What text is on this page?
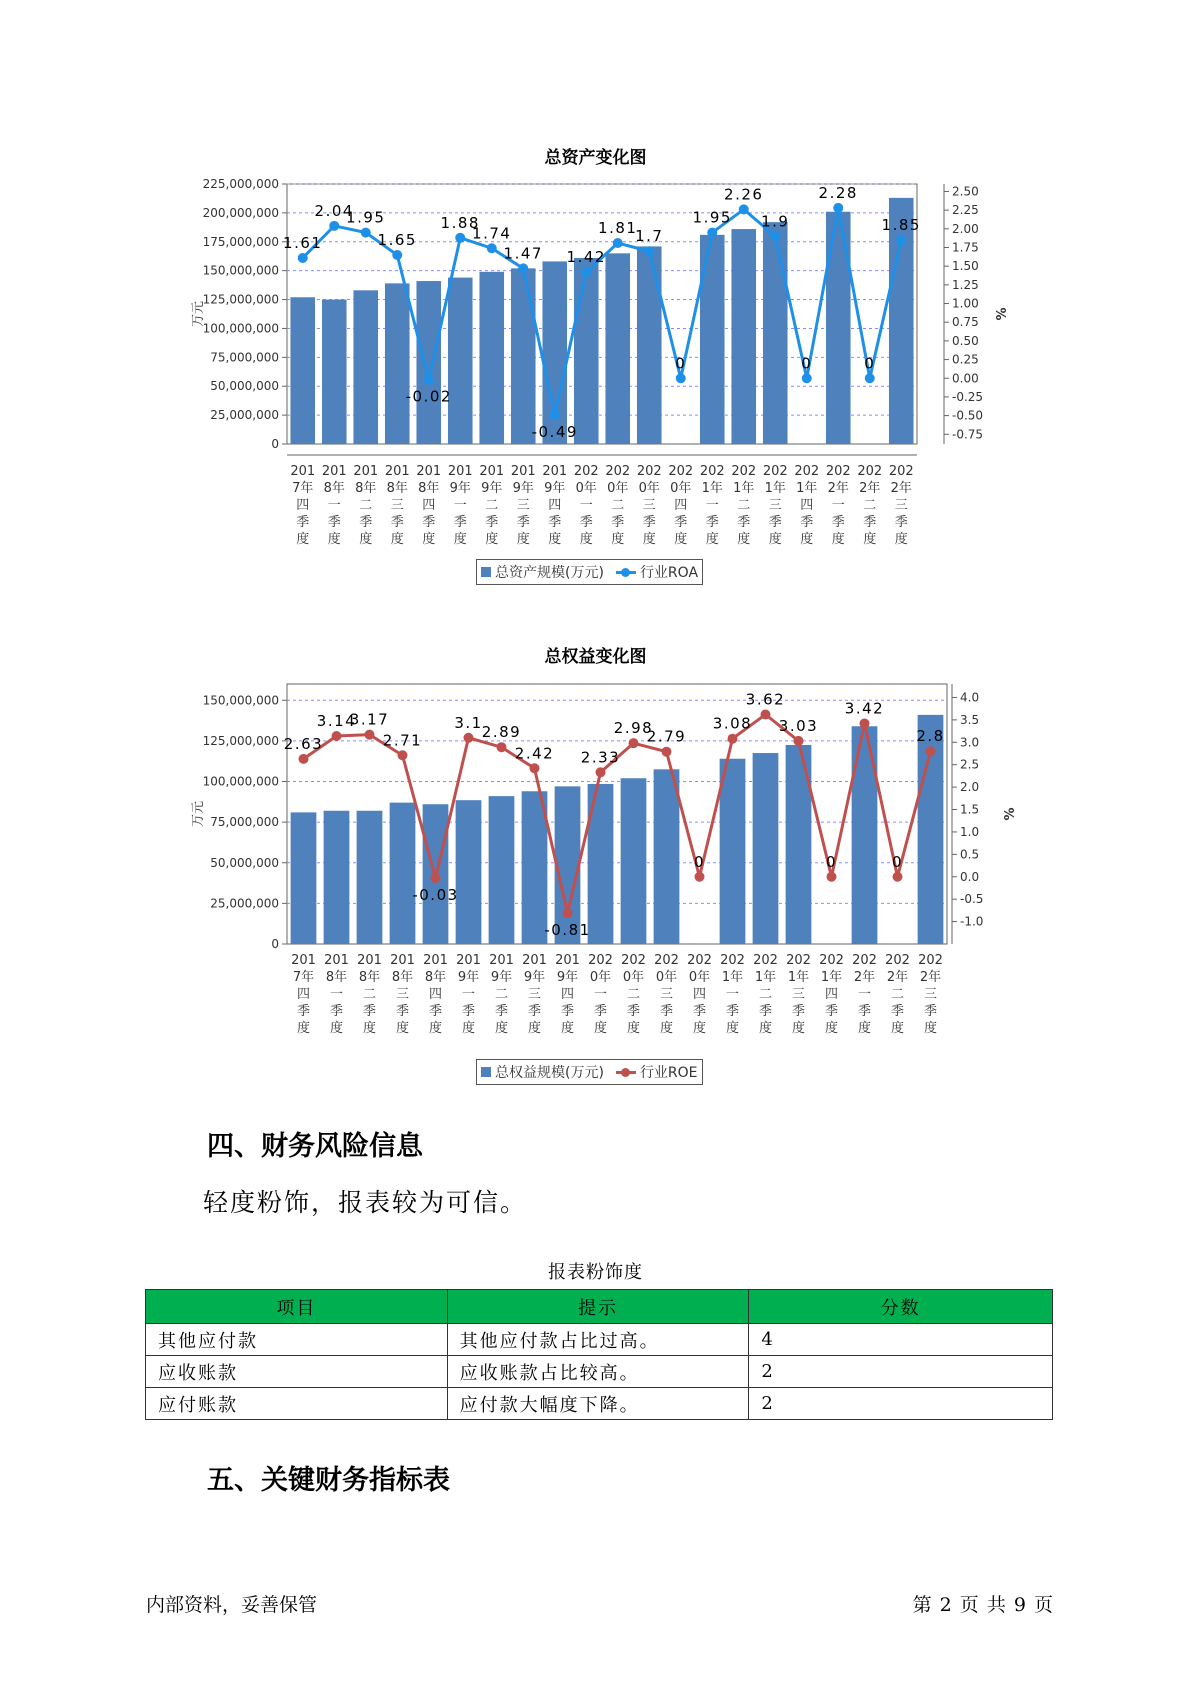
总资产变化图
0
25,000,000
50,000,000
75,000,000
100,000,000
125,000,000
150,000,000
175,000,000
200,000,000
225,000,000
-0.75
-0.50
-0.25
0.00
0.25
0.50
0.75
1.00
1.25
1.50
1.75
2.00
2.25
2.50
万元	%
1.61
2.04
1.95
1.65
-0.02
1.88
1.74
1.47
-0.49
1.42
1.81
1.7
0
1.95
2.26
1.9
0
2.28
0
1.85
201 7年四季度
201 8年一季度
201 8年二季度
201 8年三季度
201 8年四季度
201 9年一季度
201 9年二季度
201 9年三季度
201 9年四季度
202 0年一季度
202 0年二季度
202 0年三季度
202 0年四季度
202 1年一季度
202 1年二季度
202 1年三季度
202 1年四季度
202 2年一季度
202 2年二季度
202 2年三季度
总资产规模(万元)	行业ROA
总权益变化图
0
25,000,000
50,000,000
75,000,000
100,000,000
125,000,000
150,000,000
-1.0
-0.5
0.0
0.5
1.0
1.5
2.0
2.5
3.0
3.5
4.0
万元	%
2.63
3.14
3.17
2.71
-0.03
3.1
2.89
2.42
-0.81
2.33
2.98
2.79
0
3.08
3.62
3.03
0
3.42
0
2.8
201 7年四季度
201 8年一季度
201 8年二季度
201 8年三季度
201 8年四季度
201 9年一季度
201 9年二季度
201 9年三季度
201 9年四季度
202 0年一季度
202 0年二季度
202 0年三季度
202 0年四季度
202 1年一季度
202 1年二季度
202 1年三季度
202 1年四季度
202 2年一季度
202 2年二季度
202 2年三季度
总权益规模(万元)	行业ROE
四、财务风险信息
轻度粉饰，报表较为可信。
报表粉饰度
项目	提示	分数
其他应付款	其他应付款占比过高。	4
应收账款	应收账款占比较高。	2
应付账款	应付款大幅度下降。	2
五、关键财务指标表
内部资料，妥善保管	第 2 页 共 9 页
